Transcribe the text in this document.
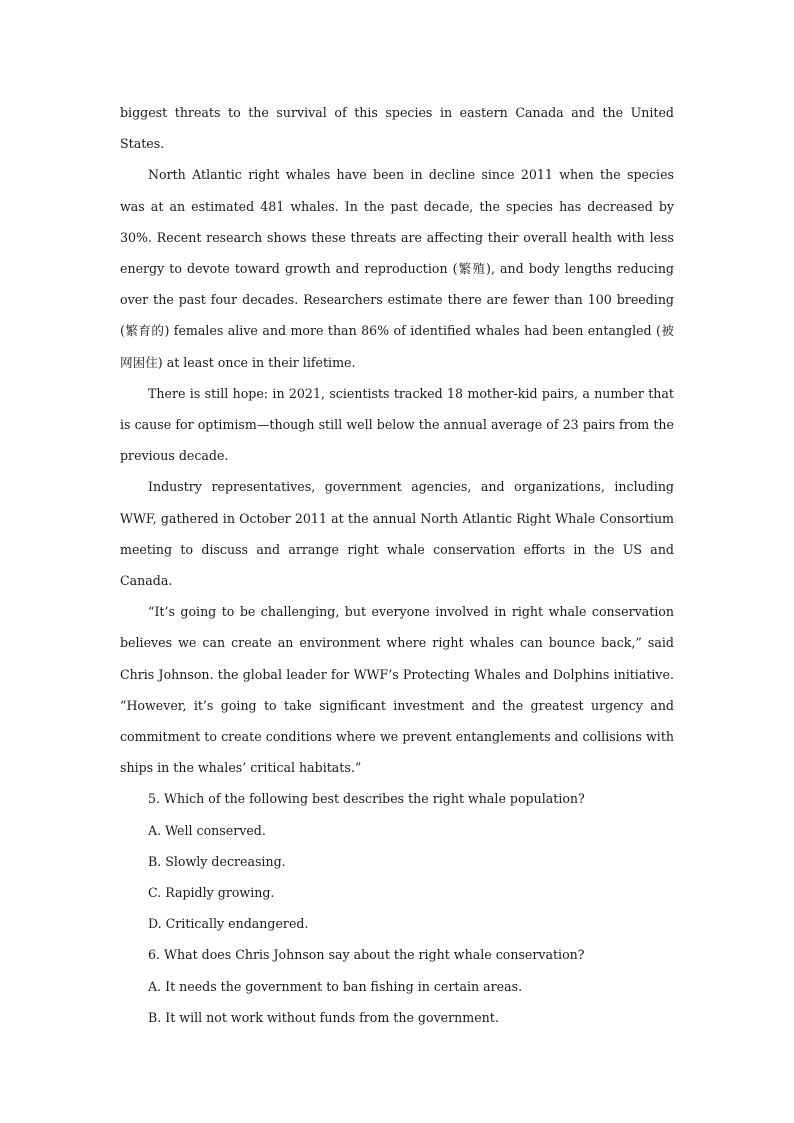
biggest threats to the survival of this species in eastern Canada and the United States.

North Atlantic right whales have been in decline since 2011 when the species was at an estimated 481 whales. In the past decade, the species has decreased by 30%. Recent research shows these threats are affecting their overall health with less energy to devote toward growth and reproduction (繁殖), and body lengths reducing over the past four decades. Researchers estimate there are fewer than 100 breeding (繁育的) females alive and more than 86% of identified whales had been entangled (被网困住) at least once in their lifetime.

There is still hope: in 2021, scientists tracked 18 mother-kid pairs, a number that is cause for optimism—though still well below the annual average of 23 pairs from the previous decade.

Industry representatives, government agencies, and organizations, including WWF, gathered in October 2011 at the annual North Atlantic Right Whale Consortium meeting to discuss and arrange right whale conservation efforts in the US and Canada.

“It’s going to be challenging, but everyone involved in right whale conservation believes we can create an environment where right whales can bounce back,” said Chris Johnson. the global leader for WWF’s Protecting Whales and Dolphins initiative. “However, it’s going to take significant investment and the greatest urgency and commitment to create conditions where we prevent entanglements and collisions with ships in the whales’ critical habitats.”

5. Which of the following best describes the right whale population?

A. Well conserved.

B. Slowly decreasing.

C. Rapidly growing.

D. Critically endangered.

6. What does Chris Johnson say about the right whale conservation?

A. It needs the government to ban fishing in certain areas.

B. It will not work without funds from the government.
